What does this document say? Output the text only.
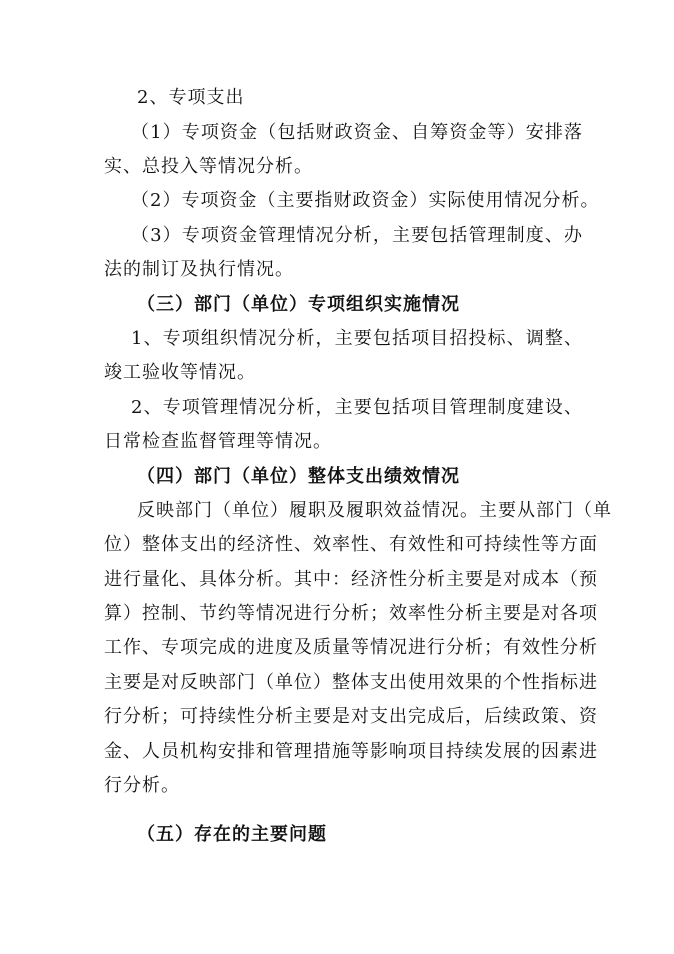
2、专项支出
（1）专项资金（包括财政资金、自筹资金等）安排落
实、总投入等情况分析。
（2）专项资金（主要指财政资金）实际使用情况分析。
（3）专项资金管理情况分析，主要包括管理制度、办
法的制订及执行情况。
（三）部门（单位）专项组织实施情况
1、专项组织情况分析，主要包括项目招投标、调整、
竣工验收等情况。
2、专项管理情况分析，主要包括项目管理制度建设、
日常检查监督管理等情况。
（四）部门（单位）整体支出绩效情况
反映部门（单位）履职及履职效益情况。主要从部门（单
位）整体支出的经济性、效率性、有效性和可持续性等方面
进行量化、具体分析。其中：经济性分析主要是对成本（预
算）控制、节约等情况进行分析；效率性分析主要是对各项
工作、专项完成的进度及质量等情况进行分析；有效性分析
主要是对反映部门（单位）整体支出使用效果的个性指标进
行分析；可持续性分析主要是对支出完成后，后续政策、资
金、人员机构安排和管理措施等影响项目持续发展的因素进
行分析。
（五）存在的主要问题
